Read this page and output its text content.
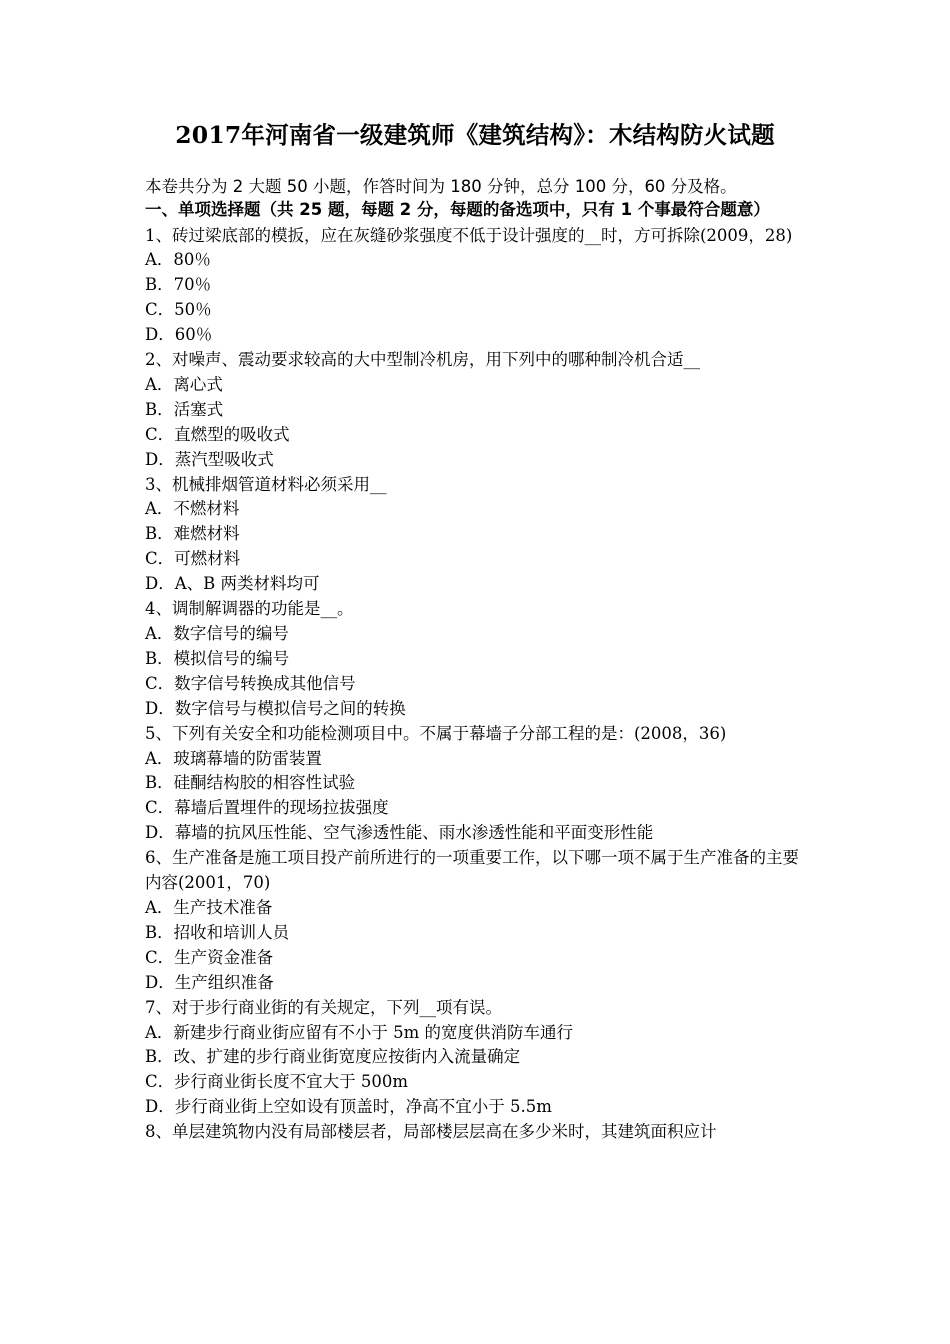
2017年河南省一级建筑师《建筑结构》：木结构防火试题
本卷共分为 2 大题 50 小题，作答时间为 180 分钟，总分 100 分，60 分及格。
一、单项选择题（共 25 题，每题 2 分，每题的备选项中，只有 1 个事最符合题意）
1、砖过梁底部的模扳，应在灰缝砂浆强度不低于设计强度的__时，方可拆除(2009，28)
A．80％
B．70％
C．50％
D．60％
2、对噪声、震动要求较高的大中型制冷机房，用下列中的哪种制冷机合适__
A．离心式
B．活塞式
C．直燃型的吸收式
D．蒸汽型吸收式
3、机械排烟管道材料必须采用__
A．不燃材料
B．难燃材料
C．可燃材料
D．A、B 两类材料均可
4、调制解调器的功能是__。
A．数字信号的编号
B．模拟信号的编号
C．数字信号转换成其他信号
D．数字信号与模拟信号之间的转换
5、下列有关安全和功能检测项目中。不属于幕墙子分部工程的是：(2008，36)
A．玻璃幕墙的防雷装置
B．硅酮结构胶的相容性试验
C．幕墙后置埋件的现场拉拔强度
D．幕墙的抗风压性能、空气渗透性能、雨水渗透性能和平面变形性能
6、生产准备是施工项目投产前所进行的一项重要工作，以下哪一项不属于生产准备的主要内容(2001，70)
A．生产技术准备
B．招收和培训人员
C．生产资金准备
D．生产组织准备
7、对于步行商业街的有关规定，下列__项有误。
A．新建步行商业街应留有不小于 5m 的宽度供消防车通行
B．改、扩建的步行商业街宽度应按街内入流量确定
C．步行商业街长度不宜大于 500m
D．步行商业街上空如设有顶盖时，净高不宜小于 5.5m
8、单层建筑物内没有局部楼层者，局部楼层层高在多少米时，其建筑面积应计
